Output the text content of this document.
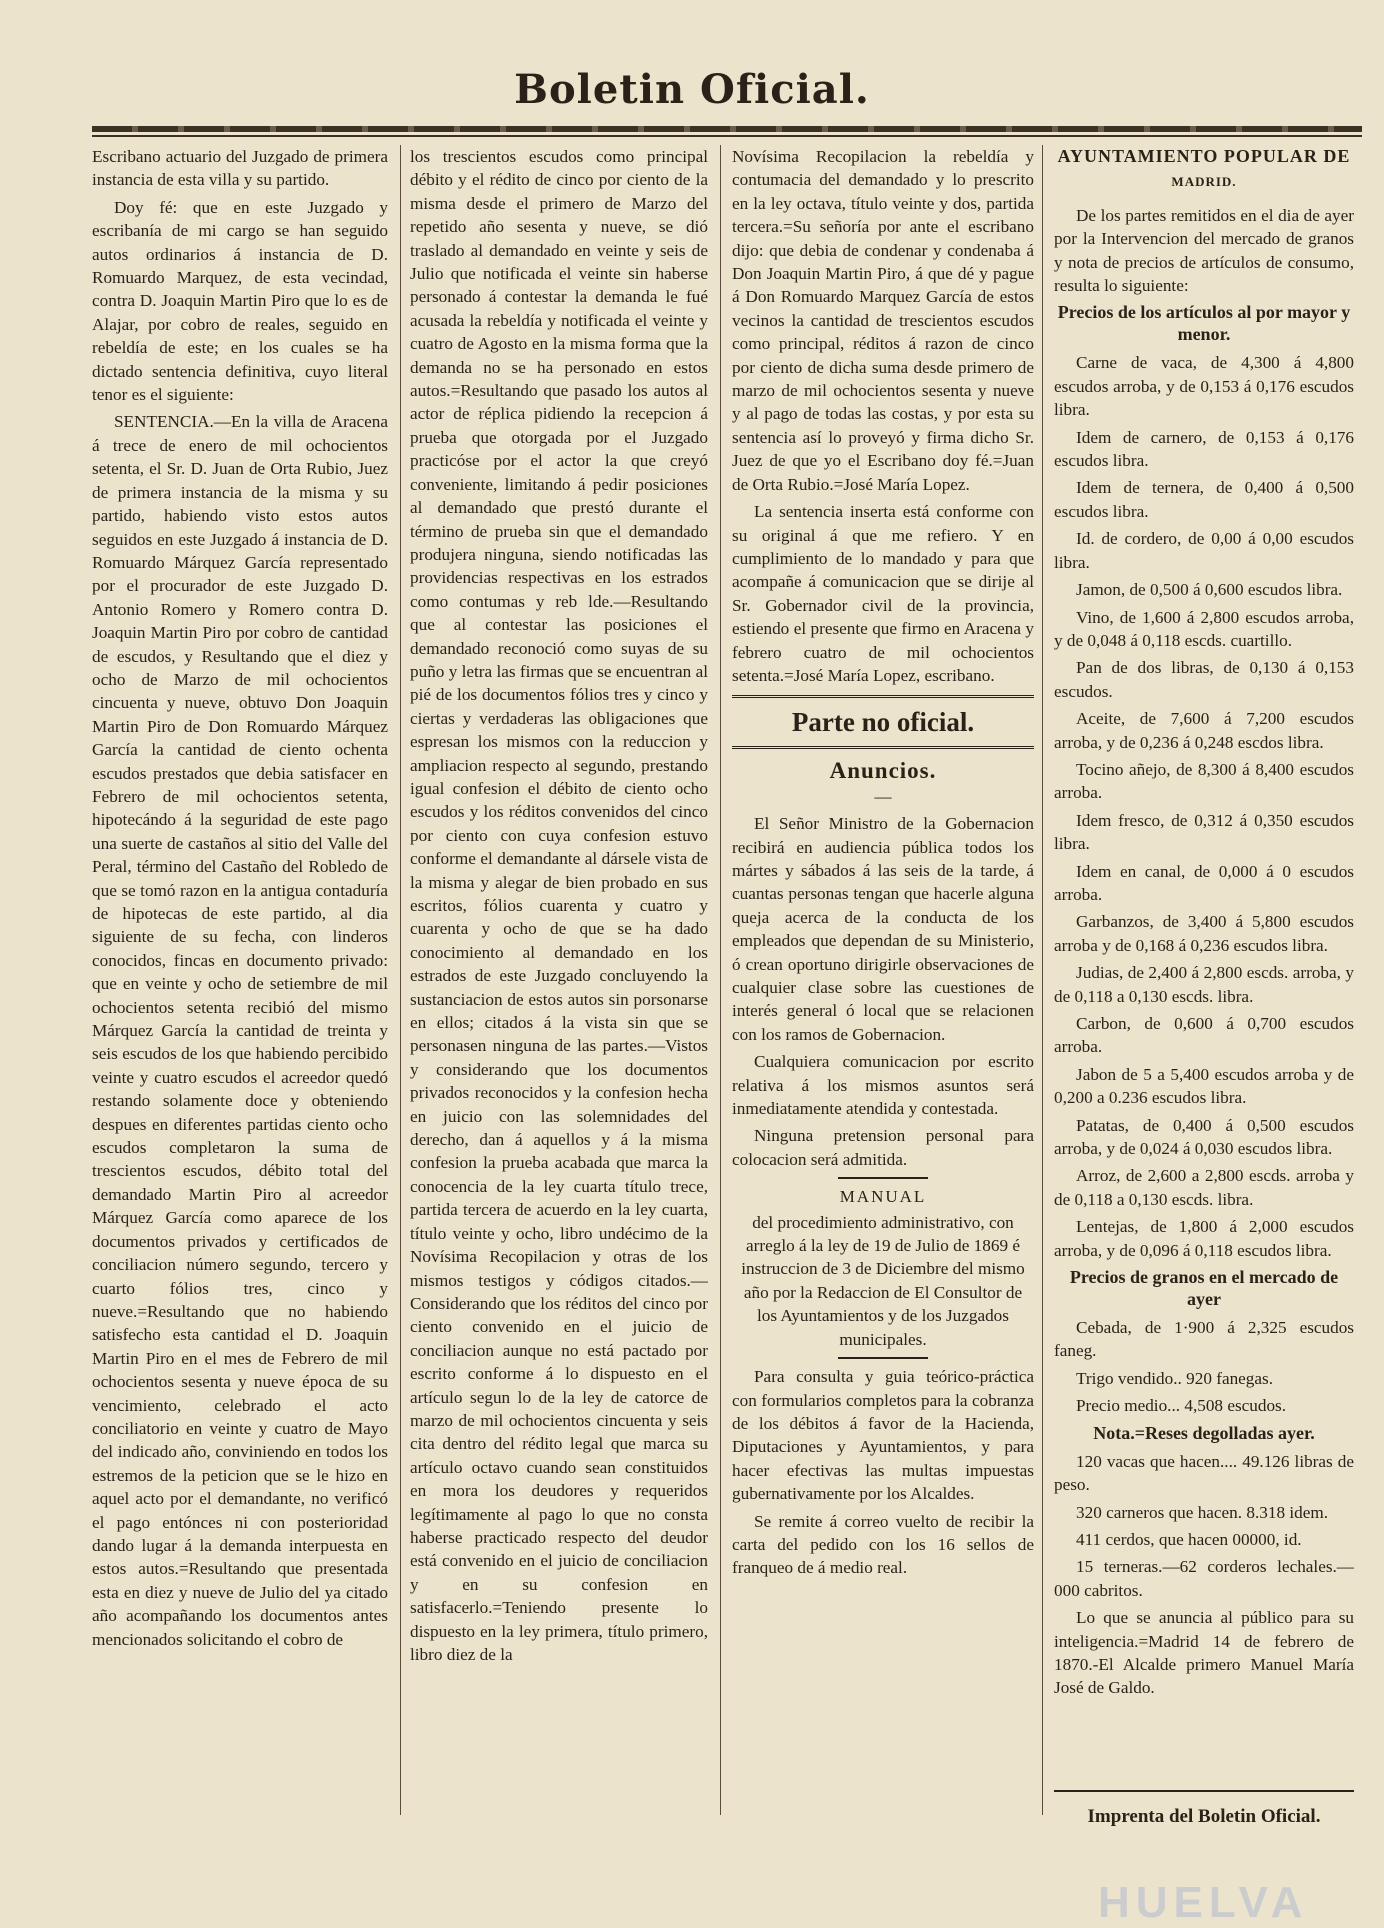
Boletin Oficial.

Escribano actuario del Juzgado de primera instancia de esta villa y su partido.

Doy fé: que en este Juzgado y escribanía de mi cargo se han seguido autos ordinarios á instancia de D. Romuardo Marquez, de esta vecindad, contra D. Joaquin Martin Piro que lo es de Alajar, por cobro de reales, seguido en rebeldía de este; en los cuales se ha dictado sentencia definitiva, cuyo literal tenor es el siguiente:

SENTENCIA.—En la villa de Aracena á trece de enero de mil ochocientos setenta, el Sr. D. Juan de Orta Rubio, Juez de primera instancia de la misma y su partido, habiendo visto estos autos seguidos en este Juzgado á instancia de D. Romuardo Márquez García representado por el procurador de este Juzgado D. Antonio Romero y Romero contra D. Joaquin Martin Piro por cobro de cantidad de escudos, y Resultando que el diez y ocho de Marzo de mil ochocientos cincuenta y nueve, obtuvo Don Joaquin Martin Piro de Don Romuardo Márquez García la cantidad de ciento ochenta escudos prestados que debia satisfacer en Febrero de mil ochocientos setenta, hipotecándo á la seguridad de este pago una suerte de castaños al sitio del Valle del Peral, término del Castaño del Robledo de que se tomó razon en la antigua contaduría de hipotecas de este partido, al dia siguiente de su fecha, con linderos conocidos, fincas en documento privado: que en veinte y ocho de setiembre de mil ochocientos setenta recibió del mismo Márquez García la cantidad de treinta y seis escudos de los que habiendo percibido veinte y cuatro escudos el acreedor quedó restando solamente doce y obteniendo despues en diferentes partidas ciento ocho escudos completaron la suma de trescientos escudos, débito total del demandado Martin Piro al acreedor Márquez García como aparece de los documentos privados y certificados de conciliacion número segundo, tercero y cuarto fólios tres, cinco y nueve.=Resultando que no habiendo satisfecho esta cantidad el D. Joaquin Martin Piro en el mes de Febrero de mil ochocientos sesenta y nueve época de su vencimiento, celebrado el acto conciliatorio en veinte y cuatro de Mayo del indicado año, conviniendo en todos los estremos de la peticion que se le hizo en aquel acto por el demandante, no verificó el pago entónces ni con posterioridad dando lugar á la demanda interpuesta en estos autos.=Resultando que presentada esta en diez y nueve de Julio del ya citado año acompañando los documentos antes mencionados solicitando el cobro de

los trescientos escudos como principal débito y el rédito de cinco por ciento de la misma desde el primero de Marzo del repetido año sesenta y nueve, se dió traslado al demandado en veinte y seis de Julio que notificada el veinte sin haberse personado á contestar la demanda le fué acusada la rebeldía y notificada el veinte y cuatro de Agosto en la misma forma que la demanda no se ha personado en estos autos.=Resultando que pasado los autos al actor de réplica pidiendo la recepcion á prueba que otorgada por el Juzgado practicóse por el actor la que creyó conveniente, limitando á pedir posiciones al demandado que prestó durante el término de prueba sin que el demandado produjera ninguna, siendo notificadas las providencias respectivas en los estrados como contumas y reb lde.—Resultando que al contestar las posiciones el demandado reconoció como suyas de su puño y letra las firmas que se encuentran al pié de los documentos fólios tres y cinco y ciertas y verdaderas las obligaciones que espresan los mismos con la reduccion y ampliacion respecto al segundo, prestando igual confesion el débito de ciento ocho escudos y los réditos convenidos del cinco por ciento con cuya confesion estuvo conforme el demandante al dársele vista de la misma y alegar de bien probado en sus escritos, fólios cuarenta y cuatro y cuarenta y ocho de que se ha dado conocimiento al demandado en los estrados de este Juzgado concluyendo la sustanciacion de estos autos sin porsonarse en ellos; citados á la vista sin que se personasen ninguna de las partes.—Vistos y considerando que los documentos privados reconocidos y la confesion hecha en juicio con las solemnidades del derecho, dan á aquellos y á la misma confesion la prueba acabada que marca la conocencia de la ley cuarta título trece, partida tercera de acuerdo en la ley cuarta, título veinte y ocho, libro undécimo de la Novísima Recopilacion y otras de los mismos testigos y códigos citados.—Considerando que los réditos del cinco por ciento convenido en el juicio de conciliacion aunque no está pactado por escrito conforme á lo dispuesto en el artículo segun lo de la ley de catorce de marzo de mil ochocientos cincuenta y seis cita dentro del rédito legal que marca su artículo octavo cuando sean constituidos en mora los deudores y requeridos legítimamente al pago lo que no consta haberse practicado respecto del deudor está convenido en el juicio de conciliacion y en su confesion en satisfacerlo.=Teniendo presente lo dispuesto en la ley primera, título primero, libro diez de la

Novísima Recopilacion la rebeldía y contumacia del demandado y lo prescrito en la ley octava, título veinte y dos, partida tercera.=Su señoría por ante el escribano dijo: que debia de condenar y condenaba á Don Joaquin Martin Piro, á que dé y pague á Don Romuardo Marquez García de estos vecinos la cantidad de trescientos escudos como principal, réditos á razon de cinco por ciento de dicha suma desde primero de marzo de mil ochocientos sesenta y nueve y al pago de todas las costas, y por esta su sentencia así lo proveyó y firma dicho Sr. Juez de que yo el Escribano doy fé.=Juan de Orta Rubio.=José María Lopez.

La sentencia inserta está conforme con su original á que me refiero. Y en cumplimiento de lo mandado y para que acompañe á comunicacion que se dirije al Sr. Gobernador civil de la provincia, estiendo el presente que firmo en Aracena y febrero cuatro de mil ochocientos setenta.=José María Lopez, escribano.

Parte no oficial.
Anuncios.
—

El Señor Ministro de la Gobernacion recibirá en audiencia pública todos los mártes y sábados á las seis de la tarde, á cuantas personas tengan que hacerle alguna queja acerca de la conducta de los empleados que dependan de su Ministerio, ó crean oportuno dirigirle observaciones de cualquier clase sobre las cuestiones de interés general ó local que se relacionen con los ramos de Gobernacion.

Cualquiera comunicacion por escrito relativa á los mismos asuntos será inmediatamente atendida y contestada.

Ninguna pretension personal para colocacion será admitida.

MANUAL

del procedimiento administrativo, con arreglo á la ley de 19 de Julio de 1869 é instruccion de 3 de Diciembre del mismo año por la Redaccion de El Consultor de los Ayuntamientos y de los Juzgados municipales.

Para consulta y guia teórico-práctica con formularios completos para la cobranza de los débitos á favor de la Hacienda, Diputaciones y Ayuntamientos, y para hacer efectivas las multas impuestas gubernativamente por los Alcaldes.

Se remite á correo vuelto de recibir la carta del pedido con los 16 sellos de franqueo de á medio real.

AYUNTAMIENTO POPULAR DE
MADRID.

De los partes remitidos en el dia de ayer por la Intervencion del mercado de granos y nota de precios de artículos de consumo, resulta lo siguiente:

Precios de los artículos al por mayor y menor.

Carne de vaca, de 4,300 á 4,800 escudos arroba, y de 0,153 á 0,176 escudos libra.

Idem de carnero, de 0,153 á 0,176 escudos libra.

Idem de ternera, de 0,400 á 0,500 escudos libra.

Id. de cordero, de 0,00 á 0,00 escudos libra.

Jamon, de 0,500 á 0,600 escudos libra.

Vino, de 1,600 á 2,800 escudos arroba, y de 0,048 á 0,118 escds. cuartillo.

Pan de dos libras, de 0,130 á 0,153 escudos.

Aceite, de 7,600 á 7,200 escudos arroba, y de 0,236 á 0,248 escdos libra.

Tocino añejo, de 8,300 á 8,400 escudos arroba.

Idem fresco, de 0,312 á 0,350 escudos libra.

Idem en canal, de 0,000 á 0 escudos arroba.

Garbanzos, de 3,400 á 5,800 escudos arroba y de 0,168 á 0,236 escudos libra.

Judias, de 2,400 á 2,800 escds. arroba, y de 0,118 a 0,130 escds. libra.

Carbon, de 0,600 á 0,700 escudos arroba.

Jabon de 5 a 5,400 escudos arroba y de 0,200 a 0.236 escudos libra.

Patatas, de 0,400 á 0,500 escudos arroba, y de 0,024 á 0,030 escudos libra.

Arroz, de 2,600 a 2,800 escds. arroba y de 0,118 a 0,130 escds. libra.

Lentejas, de 1,800 á 2,000 escudos arroba, y de 0,096 á 0,118 escudos libra.

Precios de granos en el mercado de ayer

Cebada, de 1·900 á 2,325 escudos faneg.

Trigo vendido.. 920 fanegas.

Precio medio... 4,508 escudos.

Nota.=Reses degolladas ayer.

120 vacas que hacen.... 49.126 libras de peso.

320 carneros que hacen. 8.318 idem.

411 cerdos, que hacen 00000, id.

15 terneras.—62 corderos lechales.—000 cabritos.

Lo que se anuncia al público para su inteligencia.=Madrid 14 de febrero de 1870.-El Alcalde primero Manuel María José de Galdo.

Imprenta del Boletin Oficial.
HUELVA
